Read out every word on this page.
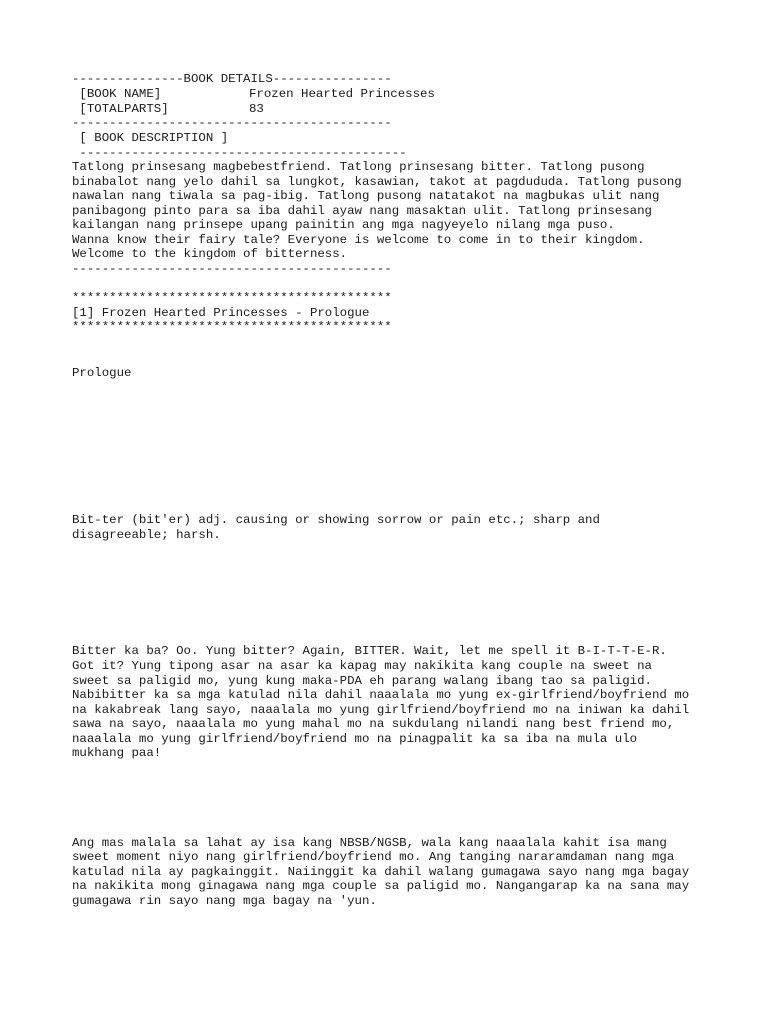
---------------BOOK DETAILS----------------
[BOOK NAME]	Frozen Hearted Princesses
[TOTALPARTS]	83
-------------------------------------------
[ BOOK DESCRIPTION ]
--------------------------------------------
Tatlong prinsesang magbebestfriend. Tatlong prinsesang bitter. Tatlong pusong
binabalot nang yelo dahil sa lungkot, kasawian, takot at pagdududa. Tatlong pusong
nawalan nang tiwala sa pag-ibig. Tatlong pusong natatakot na magbukas ulit nang
panibagong pinto para sa iba dahil ayaw nang masaktan ulit. Tatlong prinsesang
kailangan nang prinsepe upang painitin ang mga nagyeyelo nilang mga puso.
Wanna know their fairy tale? Everyone is welcome to come in to their kingdom.
Welcome to the kingdom of bitterness.
-------------------------------------------
*******************************************
[1] Frozen Hearted Princesses - Prologue
*******************************************
Prologue
Bit-ter (bit'er) adj. causing or showing sorrow or pain etc.; sharp and
disagreeable; harsh.
Bitter ka ba? Oo. Yung bitter? Again, BITTER. Wait, let me spell it B-I-T-T-E-R.
Got it? Yung tipong asar na asar ka kapag may nakikita kang couple na sweet na
sweet sa paligid mo, yung kung maka-PDA eh parang walang ibang tao sa paligid.
Nabibitter ka sa mga katulad nila dahil naaalala mo yung ex-girlfriend/boyfriend mo
na kakabreak lang sayo, naaalala mo yung girlfriend/boyfriend mo na iniwan ka dahil
sawa na sayo, naaalala mo yung mahal mo na sukdulang nilandi nang best friend mo,
naaalala mo yung girlfriend/boyfriend mo na pinagpalit ka sa iba na mula ulo
mukhang paa!
Ang mas malala sa lahat ay isa kang NBSB/NGSB, wala kang naaalala kahit isa mang
sweet moment niyo nang girlfriend/boyfriend mo. Ang tanging nararamdaman nang mga
katulad nila ay pagkainggit. Naiinggit ka dahil walang gumagawa sayo nang mga bagay
na nakikita mong ginagawa nang mga couple sa paligid mo. Nangangarap ka na sana may
gumagawa rin sayo nang mga bagay na 'yun.
